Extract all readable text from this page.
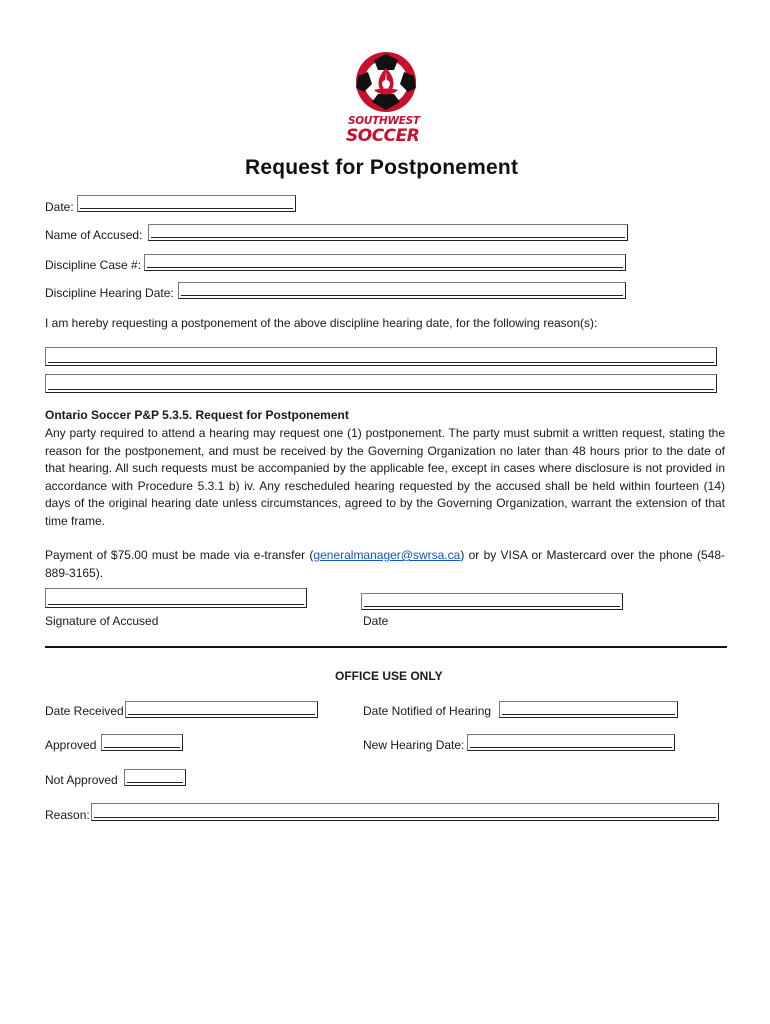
SOUTHWEST
SOCCER
Request for Postponement
Date:
Name of Accused:
Discipline Case #:
Discipline Hearing Date:
I am hereby requesting a postponement of the above discipline hearing date, for the following reason(s):
Ontario Soccer P&P 5.3.5. Request for Postponement
Any party required to attend a hearing may request one (1) postponement. The party must submit a written request, stating the reason for the postponement, and must be received by the Governing Organization no later than 48 hours prior to the date of that hearing. All such requests must be accompanied by the applicable fee, except in cases where disclosure is not provided in accordance with Procedure 5.3.1 b) iv. Any rescheduled hearing requested by the accused shall be held within fourteen (14) days of the original hearing date unless circumstances, agreed to by the Governing Organization, warrant the extension of that time frame.
Payment of $75.00 must be made via e-transfer (generalmanager@swrsa.ca) or by VISA or Mastercard over the phone (548-889-3165).
Signature of Accused	Date
OFFICE USE ONLY
Date Received	Date Notified of Hearing
Approved	New Hearing Date:
Not Approved
Reason:
